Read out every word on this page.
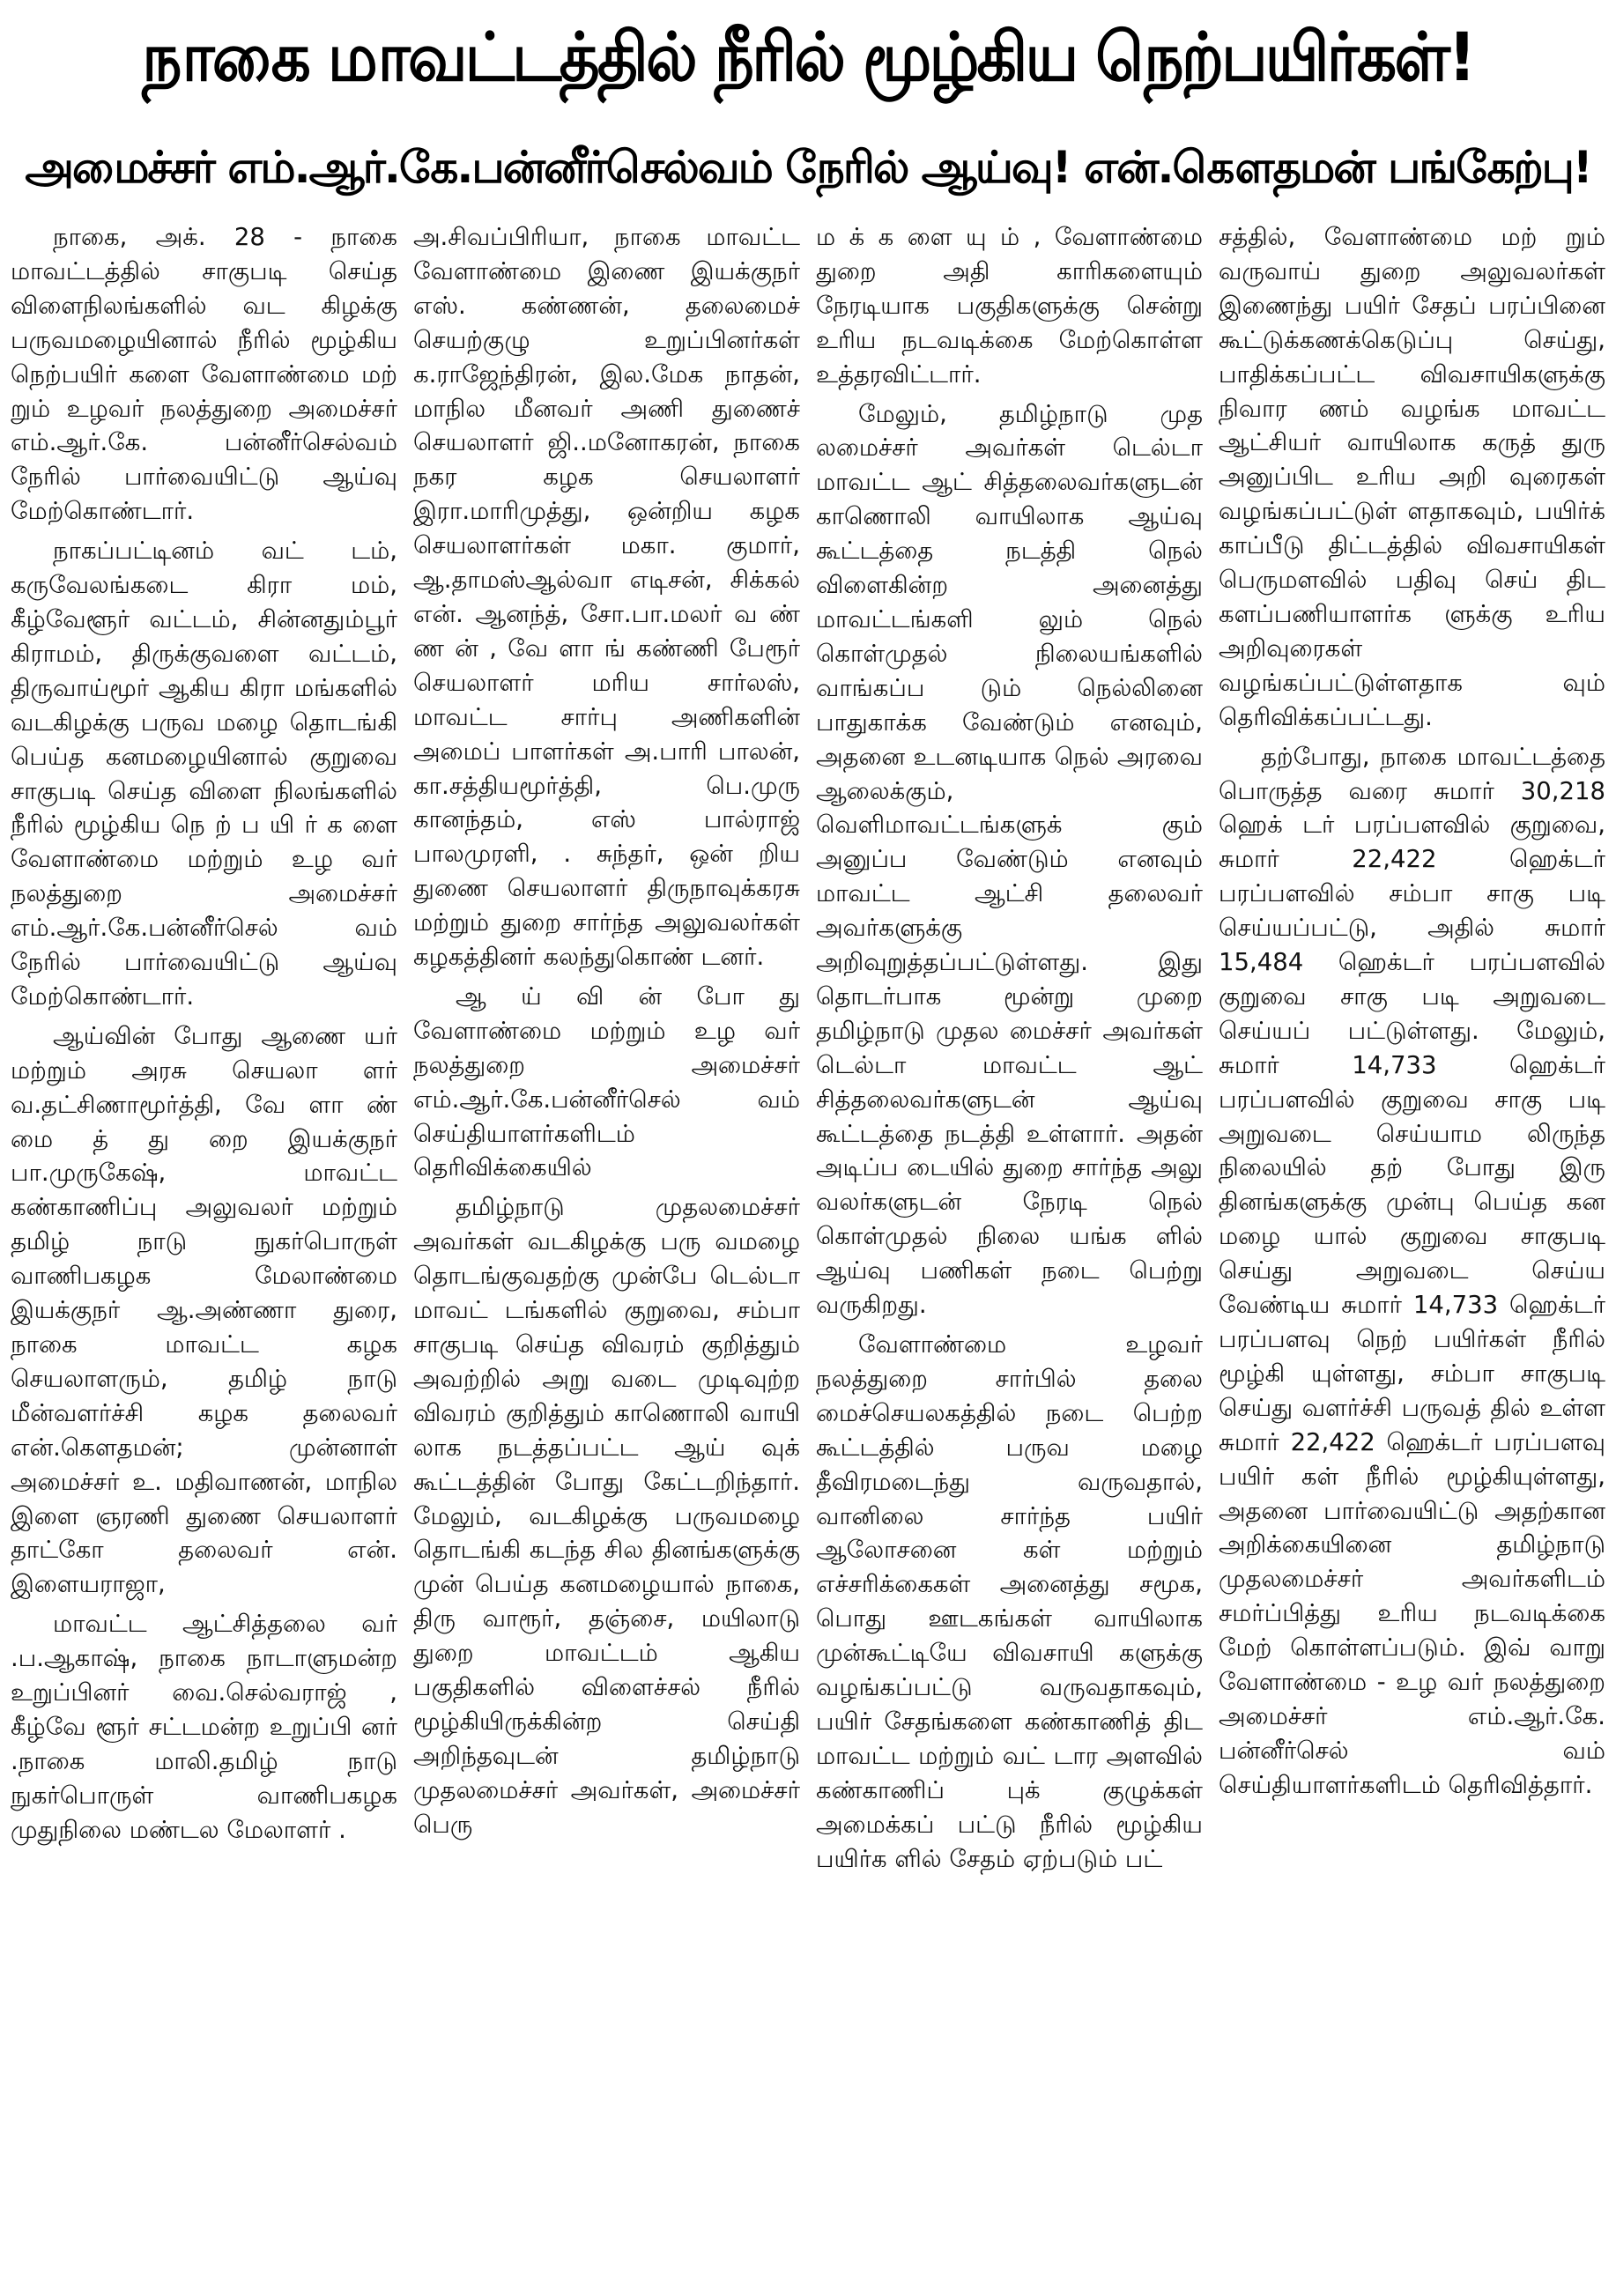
நாகை மாவட்டத்தில் நீரில் மூழ்கிய நெற்பயிர்கள்!
அமைச்சர் எம்.ஆர்.கே.பன்னீர்செல்வம் நேரில் ஆய்வு! என்.கௌதமன் பங்கேற்பு!

நாகை, அக். 28 - நாகை மாவட்டத்தில் சாகுபடி செய்த விளைநிலங்களில் வட கிழக்கு பருவமழையினால் நீரில் மூழ்கிய நெற்பயிர் களை வேளாண்மை மற் றும் உழவர் நலத்துறை அமைச்சர் எம்.ஆர்.கே. பன்னீர்செல்வம் நேரில் பார்வையிட்டு ஆய்வு மேற்கொண்டார்.

நாகப்பட்டினம் வட் டம், கருவேலங்கடை கிரா மம், கீழ்வேளூர் வட்டம், சின்னதும்பூர் கிராமம், திருக்குவளை வட்டம், திருவாய்மூர் ஆகிய கிரா மங்களில் வடகிழக்கு பருவ மழை தொடங்கி பெய்த கனமழையினால் குறுவை சாகுபடி செய்த விளை நிலங்களில் நீரில் மூழ்கிய நெ ற் ப யி ர் க ளை வேளாண்மை மற்றும் உழ வர் நலத்துறை அமைச்சர் எம்.ஆர்.கே.பன்னீர்செல் வம் நேரில் பார்வையிட்டு ஆய்வு மேற்கொண்டார்.

ஆய்வின் போது ஆணை யர் மற்றும் அரசு செயலா ளர் வ.தட்சிணாமூர்த்தி, வே ளா ண் மை த் து றை இயக்குநர் பா.முருகேஷ், மாவட்ட கண்காணிப்பு அலுவலர் மற்றும் தமிழ் நாடு நுகர்பொருள் வாணிபகழக மேலாண்மை இயக்குநர் ஆ.அண்ணா துரை, நாகை மாவட்ட கழக செயலாளரும், தமிழ் நாடு மீன்வளர்ச்சி கழக தலைவர் என்.கௌதமன்; முன்னாள் அமைச்சர் உ. மதிவாணன், மாநில இளை ஞரணி துணை செயலாளர் தாட்கோ தலைவர் என். இளையராஜா,

மாவட்ட ஆட்சித்தலை வர் .ப.ஆகாஷ், நாகை நாடாளுமன்ற உறுப்பினர் வை.செல்வராஜ் , கீழ்வே ளூர் சட்டமன்ற உறுப்பி னர் .நாகை மாலி.தமிழ் நாடு நுகர்பொருள் வாணிபகழக முதுநிலை மண்டல மேலாளர் .

அ.சிவப்பிரியா, நாகை மாவட்ட வேளாண்மை இணை இயக்குநர் எஸ். கண்ணன், தலைமைச் செயற்குழு உறுப்பினர்கள் க.ராஜேந்திரன், இல.மேக நாதன், மாநில மீனவர் அணி துணைச் செயலாளர் ஜி..மனோகரன், நாகை நகர கழக செயலாளர் இரா.மாரிமுத்து, ஒன்றிய கழக செயலாளர்கள் மகா. குமார், ஆ.தாமஸ்ஆல்வா எடிசன், சிக்கல் என். ஆனந்த், சோ.பா.மலர் வ ண் ண ன் , வே ளா ங் கண்ணி பேரூர் செயலாளர் மரிய சார்லஸ், மாவட்ட சார்பு அணிகளின் அமைப் பாளர்கள் அ.பாரி பாலன், கா.சத்தியமூர்த்தி, பெ.முரு கானந்தம், எஸ் பால்ராஜ் பாலமுரளி, . சுந்தர், ஒன் றிய துணை செயலாளர் திருநாவுக்கரசு மற்றும் துறை சார்ந்த அலுவலர்கள் கழகத்தினர் கலந்துகொண் டனர்.

ஆ ய் வி ன் போ து வேளாண்மை மற்றும் உழ வர் நலத்துறை அமைச்சர் எம்.ஆர்.கே.பன்னீர்செல் வம் செய்தியாளர்களிடம் தெரிவிக்கையில்

தமிழ்நாடு முதலமைச்சர் அவர்கள் வடகிழக்கு பரு வமழை தொடங்குவதற்கு முன்பே டெல்டா மாவட் டங்களில் குறுவை, சம்பா சாகுபடி செய்த விவரம் குறித்தும் அவற்றில் அறு வடை முடிவுற்ற விவரம் குறித்தும் காணொலி வாயி லாக நடத்தப்பட்ட ஆய் வுக் கூட்டத்தின் போது கேட்டறிந்தார். மேலும், வடகிழக்கு பருவமழை தொடங்கி கடந்த சில தினங்களுக்கு முன் பெய்த கனமழையால் நாகை, திரு வாரூர், தஞ்சை, மயிலாடு துறை மாவட்டம் ஆகிய பகுதிகளில் விளைச்சல் நீரில் மூழ்கியிருக்கின்ற செய்தி அறிந்தவுடன் தமிழ்நாடு முதலமைச்சர் அவர்கள், அமைச்சர் பெரு

ம க் க ளை யு ம் , வேளாண்மை துறை அதி காரிகளையும் நேரடியாக பகுதிகளுக்கு சென்று உரிய நடவடிக்கை மேற்கொள்ள உத்தரவிட்டார்.

மேலும், தமிழ்நாடு முத லமைச்சர் அவர்கள் டெல்டா மாவட்ட ஆட் சித்தலைவர்களுடன் காணொலி வாயிலாக ஆய்வு கூட்டத்தை நடத்தி நெல் விளைகின்ற அனைத்து மாவட்டங்களி லும் நெல் கொள்முதல் நிலையங்களில் வாங்கப்ப டும் நெல்லினை பாதுகாக்க வேண்டும் எனவும், அதனை உடனடியாக நெல் அரவை ஆலைக்கும், வெளிமாவட்டங்களுக் கும் அனுப்ப வேண்டும் எனவும் மாவட்ட ஆட்சி தலைவர் அவர்களுக்கு அறிவுறுத்தப்பட்டுள்ளது. இது தொடர்பாக மூன்று முறை தமிழ்நாடு முதல மைச்சர் அவர்கள் டெல்டா மாவட்ட ஆட் சித்தலைவர்களுடன் ஆய்வு கூட்டத்தை நடத்தி உள்ளார். அதன் அடிப்ப டையில் துறை சார்ந்த அலு வலர்களுடன் நேரடி நெல் கொள்முதல் நிலை யங்க ளில் ஆய்வு பணிகள் நடை பெற்று வருகிறது.

வேளாண்மை உழவர் நலத்துறை சார்பில் தலை மைச்செயலகத்தில் நடை பெற்ற கூட்டத்தில் பருவ மழை தீவிரமடைந்து வருவதால், வானிலை சார்ந்த பயிர் ஆலோசனை கள் மற்றும் எச்சரிக்கைகள் அனைத்து சமூக, பொது ஊடகங்கள் வாயிலாக முன்கூட்டியே விவசாயி களுக்கு வழங்கப்பட்டு வருவதாகவும், பயிர் சேதங்களை கண்காணித் திட மாவட்ட மற்றும் வட் டார அளவில் கண்காணிப் புக் குழுக்கள் அமைக்கப் பட்டு நீரில் மூழ்கிய பயிர்க ளில் சேதம் ஏற்படும் பட்

சத்தில், வேளாண்மை மற் றும் வருவாய் துறை அலுவலர்கள் இணைந்து பயிர் சேதப் பரப்பினை கூட்டுக்கணக்கெடுப்பு செய்து, பாதிக்கப்பட்ட விவசாயிகளுக்கு நிவார ணம் வழங்க மாவட்ட ஆட்சியர் வாயிலாக கருத் துரு அனுப்பிட உரிய அறி வுரைகள் வழங்கப்பட்டுள் ளதாகவும், பயிர்க் காப்பீடு திட்டத்தில் விவசாயிகள் பெருமளவில் பதிவு செய் திட களப்பணியாளர்க ளுக்கு உரிய அறிவுரைகள் வழங்கப்பட்டுள்ளதாக வும் தெரிவிக்கப்பட்டது.

தற்போது, நாகை மாவட்டத்தை பொருத்த வரை சுமார் 30,218 ஹெக் டர் பரப்பளவில் குறுவை, சுமார் 22,422 ஹெக்டர் பரப்பளவில் சம்பா சாகு படி செய்யப்பட்டு, அதில் சுமார் 15,484 ஹெக்டர் பரப்பளவில் குறுவை சாகு படி அறுவடை செய்யப் பட்டுள்ளது. மேலும், சுமார் 14,733 ஹெக்டர் பரப்பளவில் குறுவை சாகு படி அறுவடை செய்யாம லிருந்த நிலையில் தற் போது இரு தினங்களுக்கு முன்பு பெய்த கன மழை யால் குறுவை சாகுபடி செய்து அறுவடை செய்ய வேண்டிய சுமார் 14,733 ஹெக்டர் பரப்பளவு நெற் பயிர்கள் நீரில் மூழ்கி யுள்ளது, சம்பா சாகுபடி செய்து வளர்ச்சி பருவத் தில் உள்ள சுமார் 22,422 ஹெக்டர் பரப்பளவு பயிர் கள் நீரில் மூழ்கியுள்ளது, அதனை பார்வையிட்டு அதற்கான அறிக்கையினை தமிழ்நாடு முதலமைச்சர் அவர்களிடம் சமர்ப்பித்து உரிய நடவடிக்கை மேற் கொள்ளப்படும். இவ் வாறு வேளாண்மை - உழ வர் நலத்துறை அமைச்சர் எம்.ஆர்.கே. பன்னீர்செல் வம் செய்தியாளர்களிடம் தெரிவித்தார்.
